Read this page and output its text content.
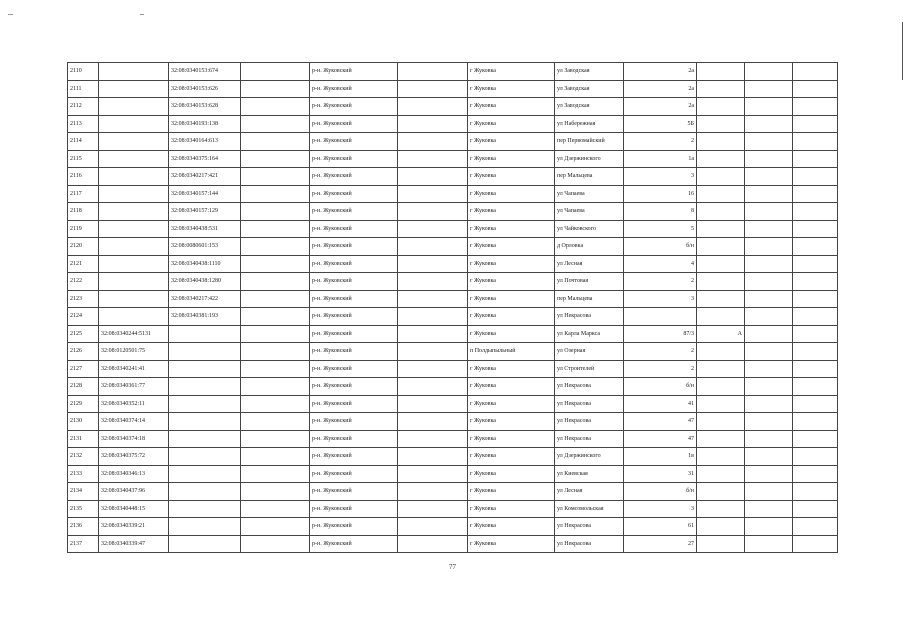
2110		32:08:0340153:674		р-н. Жуковский		г Жуковка	ул Заводская	2а			
2111		32:08:0340153:626		р-н. Жуковский		г Жуковка	ул Заводская	2а			
2112		32:08:0340153:628		р-н. Жуковский		г Жуковка	ул Заводская	2а			
2113		32:08:0340193:138		р-н. Жуковский		г Жуковка	ул Набережная	5Б			
2114		32:08:0340164:613		р-н. Жуковский		г Жуковка	пер Первомайский	2			
2115		32:08:0340375:164		р-н. Жуковский		г Жуковка	ул Дзержинского	1а			
2116		32:08:0340217:421		р-н. Жуковский		г Жуковка	пер Мальцева	3			
2117		32:08:0340157:144		р-н. Жуковский		г Жуковка	ул Чапаева	16			
2118		32:08:0340157:129		р-н. Жуковский		г Жуковка	ул Чапаева	8			
2119		32:08:0340438:531		р-н. Жуковский		г Жуковка	ул Чайковского	5			
2120		32:08:0080601:153		р-н. Жуковский		г Жуковка	д Орловка	б/н			
2121		32:08:0340438:1110		р-н. Жуковский		г Жуковка	ул Лесная	4			
2122		32:08:0340438:1280		р-н. Жуковский		г Жуковка	ул Почтовая	2			
2123		32:08:0340217:422		р-н. Жуковский		г Жуковка	пер Мальцева	3			
2124		32:08:0340381:193		р-н. Жуковский		г Жуковка	ул Некрасова				
2125	32:08:0340244:5131			р-н. Жуковский		г Жуковка	ул Карла Маркса	87/3	А		
2126	32:08:0120501:75			р-н. Жуковский		п Полдыпыльный	ул Озерная	2			
2127	32:08:0340241:41			р-н. Жуковский		г Жуковка	ул Строителей	2			
2128	32:08:0340361:77			р-н. Жуковский		г Жуковка	ул Некрасова	б/н			
2129	32:08:0340352:11			р-н. Жуковский		г Жуковка	ул Некрасова	41			
2130	32:08:0340374:14			р-н. Жуковский		г Жуковка	ул Некрасова	47			
2131	32:08:0340374:18			р-н. Жуковский		г Жуковка	ул Некрасова	47			
2132	32:08:0340375:72			р-н. Жуковский		г Жуковка	ул Дзержинского	1в			
2133	32:08:0340346:13			р-н. Жуковский		г Жуковка	ул Киевская	31			
2134	32:08:0340437:96			р-н. Жуковский		г Жуковка	ул Лесная	б/н			
2135	32:08:0340448:15			р-н. Жуковский		г Жуковка	ул Комсомольская	3			
2136	32:08:0340339:21			р-н. Жуковский		г Жуковка	ул Некрасова	61			
2137	32:08:0340339:47			р-н. Жуковский		г Жуковка	ул Некрасова	27			
77
